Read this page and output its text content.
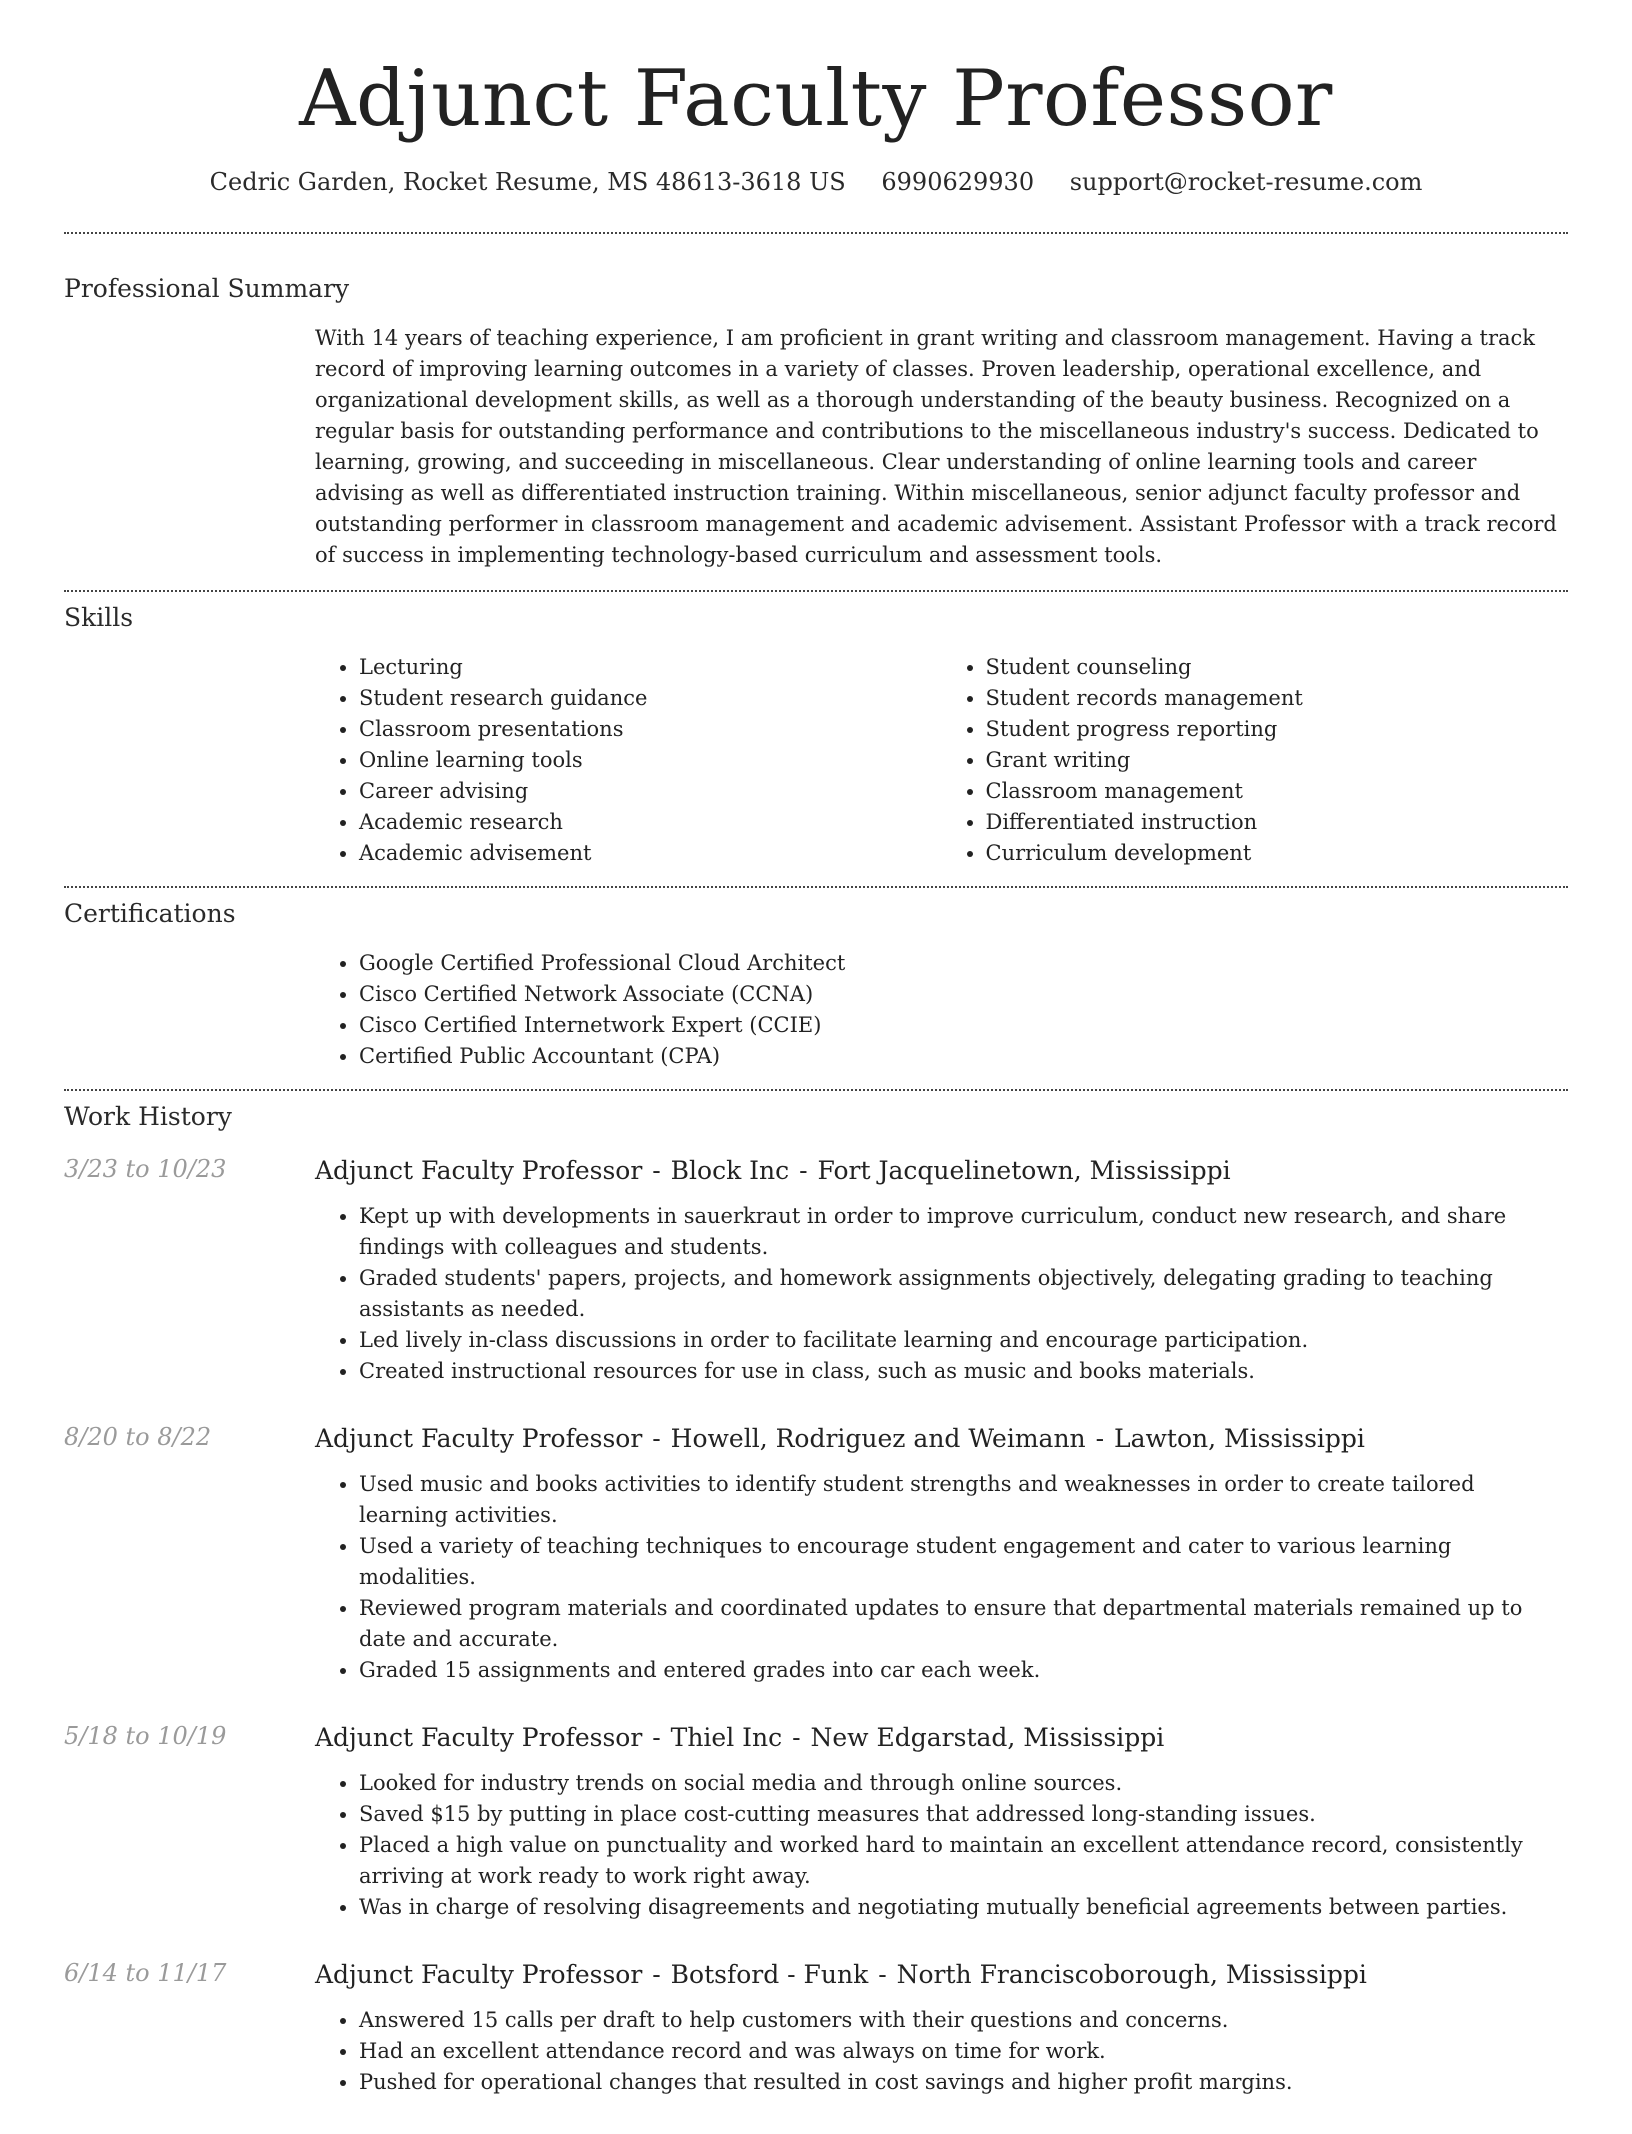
Adjunct Faculty Professor
Cedric Garden, Rocket Resume, MS 48613-3618 US 6990629930 support@rocket-resume.com
Professional Summary

With 14 years of teaching experience, I am proficient in grant writing and classroom management. Having a track record of improving learning outcomes in a variety of classes. Proven leadership, operational excellence, and organizational development skills, as well as a thorough understanding of the beauty business. Recognized on a regular basis for outstanding performance and contributions to the miscellaneous industry's success. Dedicated to learning, growing, and succeeding in miscellaneous. Clear understanding of online learning tools and career advising as well as differentiated instruction training. Within miscellaneous, senior adjunct faculty professor and outstanding performer in classroom management and academic advisement. Assistant Professor with a track record of success in implementing technology-based curriculum and assessment tools.

Skills
• Lecturing
• Student research guidance
• Classroom presentations
• Online learning tools
• Career advising
• Academic research
• Academic advisement
• Student counseling
• Student records management
• Student progress reporting
• Grant writing
• Classroom management
• Differentiated instruction
• Curriculum development
Certifications
• Google Certified Professional Cloud Architect
• Cisco Certified Network Associate (CCNA)
• Cisco Certified Internetwork Expert (CCIE)
• Certified Public Accountant (CPA)
Work History
3/23 to 10/23	Adjunct Faculty Professor - Block Inc - Fort Jacquelinetown, Mississippi
• Kept up with developments in sauerkraut in order to improve curriculum, conduct new research, and share findings with colleagues and students.
• Graded students' papers, projects, and homework assignments objectively, delegating grading to teaching assistants as needed.
• Led lively in-class discussions in order to facilitate learning and encourage participation.
• Created instructional resources for use in class, such as music and books materials.
8/20 to 8/22	Adjunct Faculty Professor - Howell, Rodriguez and Weimann - Lawton, Mississippi
• Used music and books activities to identify student strengths and weaknesses in order to create tailored learning activities.
• Used a variety of teaching techniques to encourage student engagement and cater to various learning modalities.
• Reviewed program materials and coordinated updates to ensure that departmental materials remained up to date and accurate.
• Graded 15 assignments and entered grades into car each week.
5/18 to 10/19	Adjunct Faculty Professor - Thiel Inc - New Edgarstad, Mississippi
• Looked for industry trends on social media and through online sources.
• Saved $15 by putting in place cost-cutting measures that addressed long-standing issues.
• Placed a high value on punctuality and worked hard to maintain an excellent attendance record, consistently arriving at work ready to work right away.
• Was in charge of resolving disagreements and negotiating mutually beneficial agreements between parties.
6/14 to 11/17	Adjunct Faculty Professor - Botsford - Funk - North Franciscoborough, Mississippi
• Answered 15 calls per draft to help customers with their questions and concerns.
• Had an excellent attendance record and was always on time for work.
• Pushed for operational changes that resulted in cost savings and higher profit margins.
